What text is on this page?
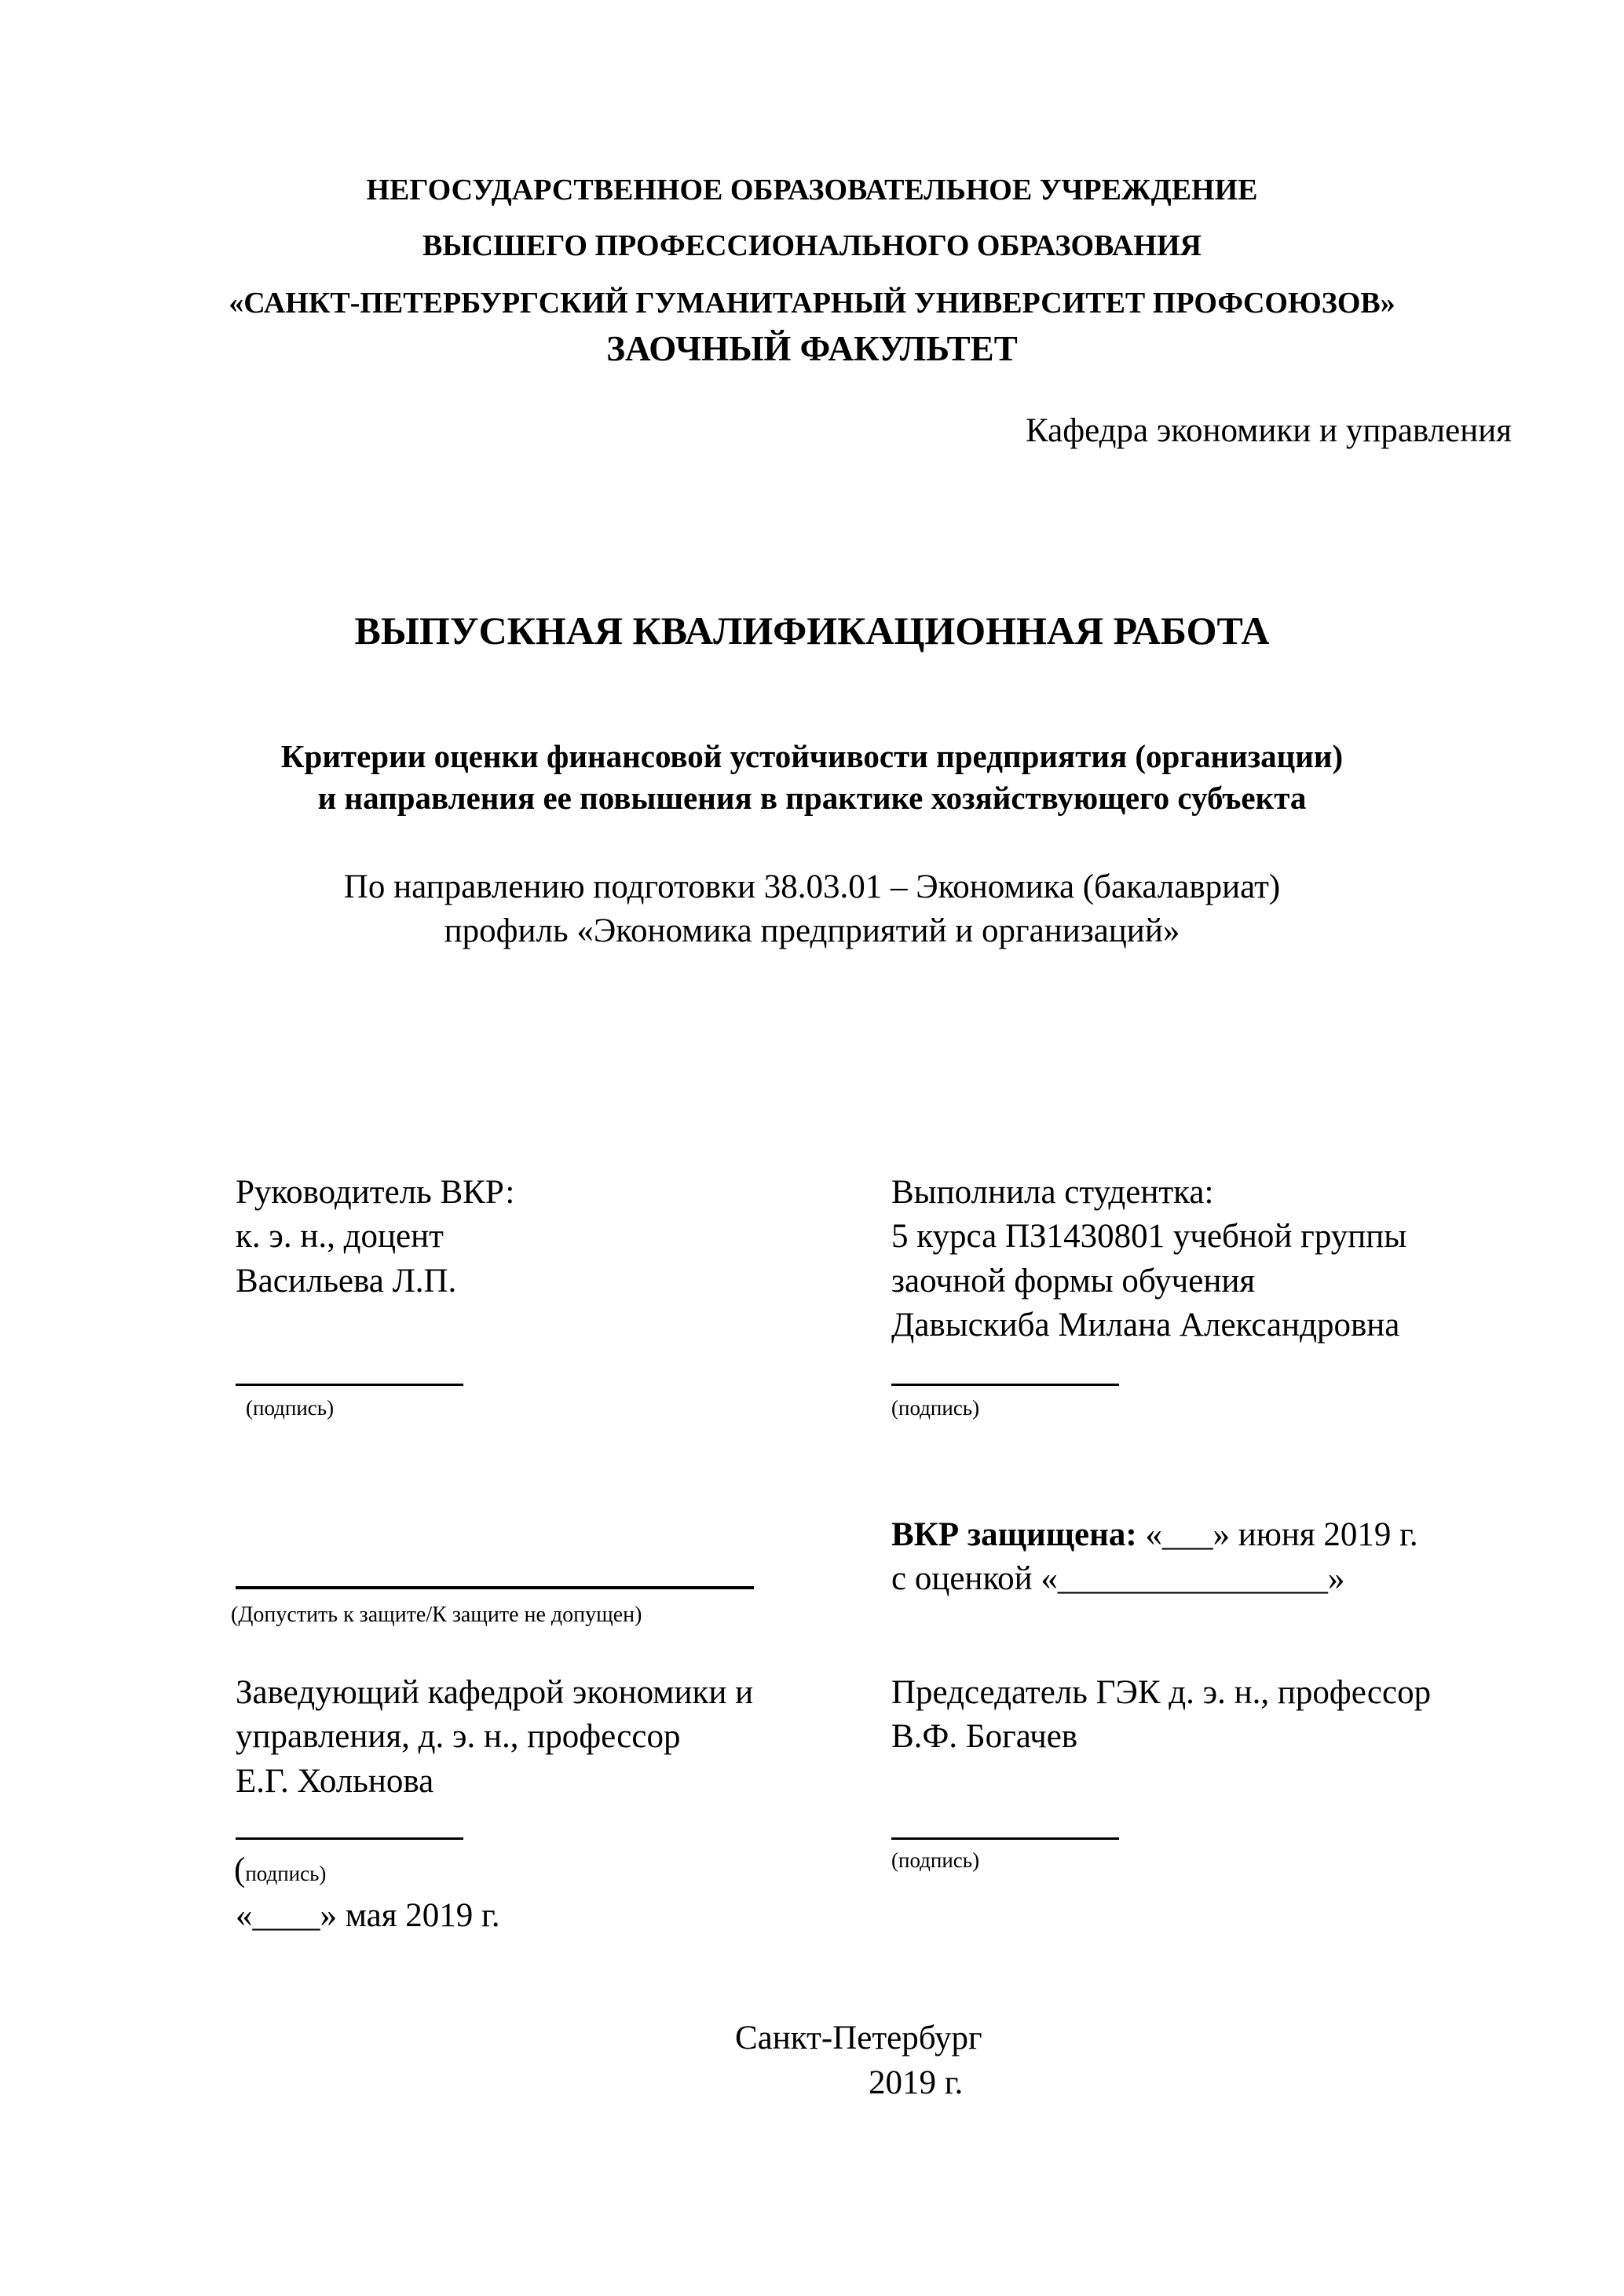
НЕГОСУДАРСТВЕННОЕ ОБРАЗОВАТЕЛЬНОЕ УЧРЕЖДЕНИЕ
ВЫСШЕГО ПРОФЕССИОНАЛЬНОГО ОБРАЗОВАНИЯ
«САНКТ-ПЕТЕРБУРГСКИЙ ГУМАНИТАРНЫЙ УНИВЕРСИТЕТ ПРОФСОЮЗОВ»
ЗАОЧНЫЙ ФАКУЛЬТЕТ
Кафедра экономики и управления
ВЫПУСКНАЯ КВАЛИФИКАЦИОННАЯ РАБОТА
Критерии оценки финансовой устойчивости предприятия (организации)
и направления ее повышения в практике хозяйствующего субъекта
По направлению подготовки 38.03.01 – Экономика (бакалавриат)
профиль «Экономика предприятий и организаций»
Руководитель ВКР:
к. э. н., доцент
Васильева Л.П.
(подпись)
Выполнила студентка:
5 курса ПЗ1430801 учебной группы
заочной формы обучения
Давыскиба Милана Александровна
(подпись)
(Допустить к защите/К защите не допущен)
ВКР защищена: «___» июня 2019 г.
с оценкой «________________»
Заведующий кафедрой экономики и
управления, д. э. н., профессор
Е.Г. Хольнова
(подпись)
«____» мая 2019 г.
Председатель ГЭК д. э. н., профессор
В.Ф. Богачев
(подпись)
Санкт-Петербург
2019 г.
